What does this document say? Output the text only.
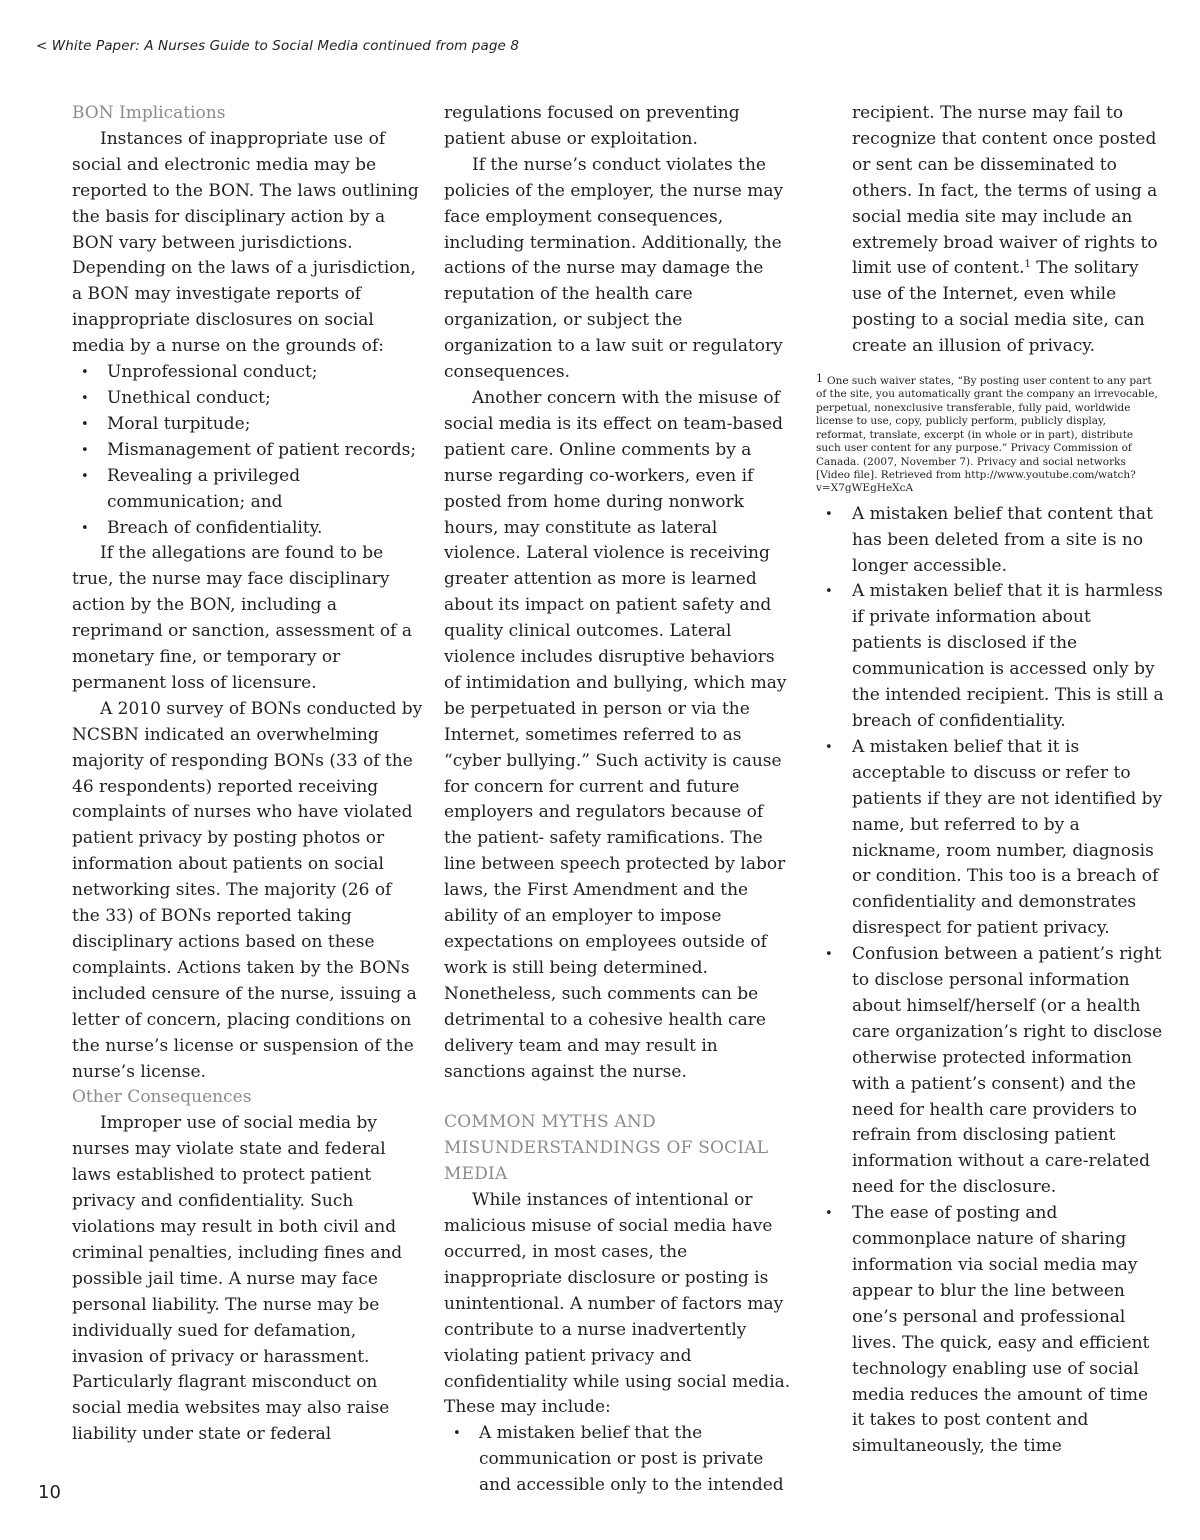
< White Paper: A Nurses Guide to Social Media continued from page 8
BON Implications

Instances of inappropriate use of social and electronic media may be reported to the BON. The laws outlining the basis for disciplinary action by a BON vary between jurisdictions. Depending on the laws of a jurisdiction, a BON may investigate reports of inappropriate disclosures on social media by a nurse on the grounds of:

• Unprofessional conduct;
• Unethical conduct;
• Moral turpitude;
• Mismanagement of patient records;
• Revealing a privileged communication; and
• Breach of confidentiality.

If the allegations are found to be true, the nurse may face disciplinary action by the BON, including a reprimand or sanction, assessment of a monetary fine, or temporary or permanent loss of licensure.

A 2010 survey of BONs conducted by NCSBN indicated an overwhelming majority of responding BONs (33 of the 46 respondents) reported receiving complaints of nurses who have violated patient privacy by posting photos or information about patients on social networking sites. The majority (26 of the 33) of BONs reported taking disciplinary actions based on these complaints. Actions taken by the BONs included censure of the nurse, issuing a letter of concern, placing conditions on the nurse’s license or suspension of the nurse’s license.

Other Consequences

Improper use of social media by nurses may violate state and federal laws established to protect patient privacy and confidentiality. Such violations may result in both civil and criminal penalties, including fines and possible jail time. A nurse may face personal liability. The nurse may be individually sued for defamation, invasion of privacy or harassment. Particularly flagrant misconduct on social media websites may also raise liability under state or federal

regulations focused on preventing patient abuse or exploitation.

If the nurse’s conduct violates the policies of the employer, the nurse may face employment consequences, including termination. Additionally, the actions of the nurse may damage the reputation of the health care organization, or subject the organization to a law suit or regulatory consequences.

Another concern with the misuse of social media is its effect on team-based patient care. Online comments by a nurse regarding co-workers, even if posted from home during nonwork hours, may constitute as lateral violence. Lateral violence is receiving greater attention as more is learned about its impact on patient safety and quality clinical outcomes. Lateral violence includes disruptive behaviors of intimidation and bullying, which may be perpetuated in person or via the Internet, sometimes referred to as “cyber bullying.” Such activity is cause for concern for current and future employers and regulators because of the patient- safety ramifications. The line between speech protected by labor laws, the First Amendment and the ability of an employer to impose expectations on employees outside of work is still being determined. Nonetheless, such comments can be detrimental to a cohesive health care delivery team and may result in sanctions against the nurse.

COMMON MYTHS AND MISUNDERSTANDINGS OF SOCIAL MEDIA

While instances of intentional or malicious misuse of social media have occurred, in most cases, the inappropriate disclosure or posting is unintentional. A number of factors may contribute to a nurse inadvertently violating patient privacy and confidentiality while using social media. These may include:

• A mistaken belief that the communication or post is private and accessible only to the intended

recipient. The nurse may fail to recognize that content once posted or sent can be disseminated to others. In fact, the terms of using a social media site may include an extremely broad waiver of rights to limit use of content.$^1$ The solitary use of the Internet, even while posting to a social media site, can create an illusion of privacy.

1 One such waiver states, “By posting user content to any part of the site, you automatically grant the company an irrevocable, perpetual, nonexclusive transferable, fully paid, worldwide license to use, copy, publicly perform, publicly display, reformat, translate, excerpt (in whole or in part), distribute such user content for any purpose.” Privacy Commission of Canada. (2007, November 7). Privacy and social networks [Video file]. Retrieved from http://www.youtube.com/watch?v=X7gWEgHeXcA
• A mistaken belief that content that has been deleted from a site is no longer accessible.
• A mistaken belief that it is harmless if private information about patients is disclosed if the communication is accessed only by the intended recipient. This is still a breach of confidentiality.
• A mistaken belief that it is acceptable to discuss or refer to patients if they are not identified by name, but referred to by a nickname, room number, diagnosis or condition. This too is a breach of confidentiality and demonstrates disrespect for patient privacy.
• Confusion between a patient’s right to disclose personal information about himself/herself (or a health care organization’s right to disclose otherwise protected information with a patient’s consent) and the need for health care providers to refrain from disclosing patient information without a care-related need for the disclosure.
• The ease of posting and commonplace nature of sharing information via social media may appear to blur the line between one’s personal and professional lives. The quick, easy and efficient technology enabling use of social media reduces the amount of time it takes to post content and simultaneously, the time
10
